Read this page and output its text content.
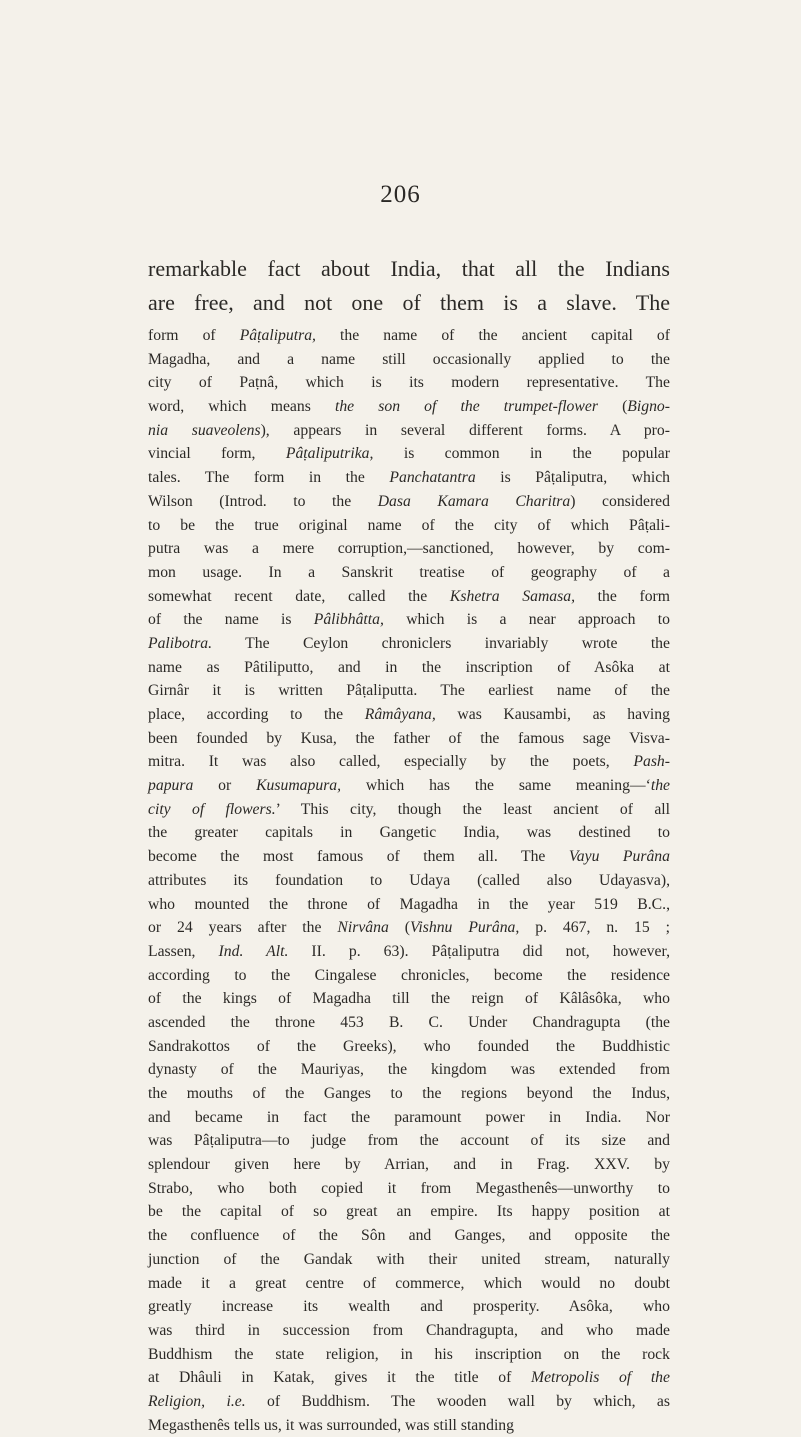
206
remarkable fact about India, that all the Indians
are free, and not one of them is a slave. The
form of Pâṭaliputra, the name of the ancient capital of
Magadha, and a name still occasionally applied to the
city of Paṭnâ, which is its modern representative. The
word, which means the son of the trumpet-flower (Bigno-
nia suaveolens), appears in several different forms. A pro-
vincial form, Pâṭaliputrika, is common in the popular
tales. The form in the Panchatantra is Pâṭaliputra, which
Wilson (Introd. to the Dasa Kamara Charitra) considered
to be the true original name of the city of which Pâṭali-
putra was a mere corruption,—sanctioned, however, by com-
mon usage. In a Sanskrit treatise of geography of a
somewhat recent date, called the Kshetra Samasa, the form
of the name is Pâlibhâtta, which is a near approach to
Palibotra. The Ceylon chroniclers invariably wrote the
name as Pâtiliputto, and in the inscription of Asôka at
Girnâr it is written Pâṭaliputta. The earliest name of the
place, according to the Râmâyana, was Kausambi, as having
been founded by Kusa, the father of the famous sage Visva-
mitra. It was also called, especially by the poets, Pash-
papura or Kusumapura, which has the same meaning—‘the
city of flowers.’ This city, though the least ancient of all
the greater capitals in Gangetic India, was destined to
become the most famous of them all. The Vayu Purâna
attributes its foundation to Udaya (called also Udayasva),
who mounted the throne of Magadha in the year 519 B.C.,
or 24 years after the Nirvâna (Vishnu Purâna, p. 467, n. 15 ;
Lassen, Ind. Alt. II. p. 63). Pâṭaliputra did not, however,
according to the Cingalese chronicles, become the residence
of the kings of Magadha till the reign of Kâlâsôka, who
ascended the throne 453 B. C. Under Chandragupta (the
Sandrakottos of the Greeks), who founded the Buddhistic
dynasty of the Mauriyas, the kingdom was extended from
the mouths of the Ganges to the regions beyond the Indus,
and became in fact the paramount power in India. Nor
was Pâṭaliputra—to judge from the account of its size and
splendour given here by Arrian, and in Frag. XXV. by
Strabo, who both copied it from Megasthenês—unworthy to
be the capital of so great an empire. Its happy position at
the confluence of the Sôn and Ganges, and opposite the
junction of the Gandak with their united stream, naturally
made it a great centre of commerce, which would no doubt
greatly increase its wealth and prosperity. Asôka, who
was third in succession from Chandragupta, and who made
Buddhism the state religion, in his inscription on the rock
at Dhâuli in Katak, gives it the title of Metropolis of the
Religion, i.e. of Buddhism. The wooden wall by which, as
Megasthenês tells us, it was surrounded, was still standing
